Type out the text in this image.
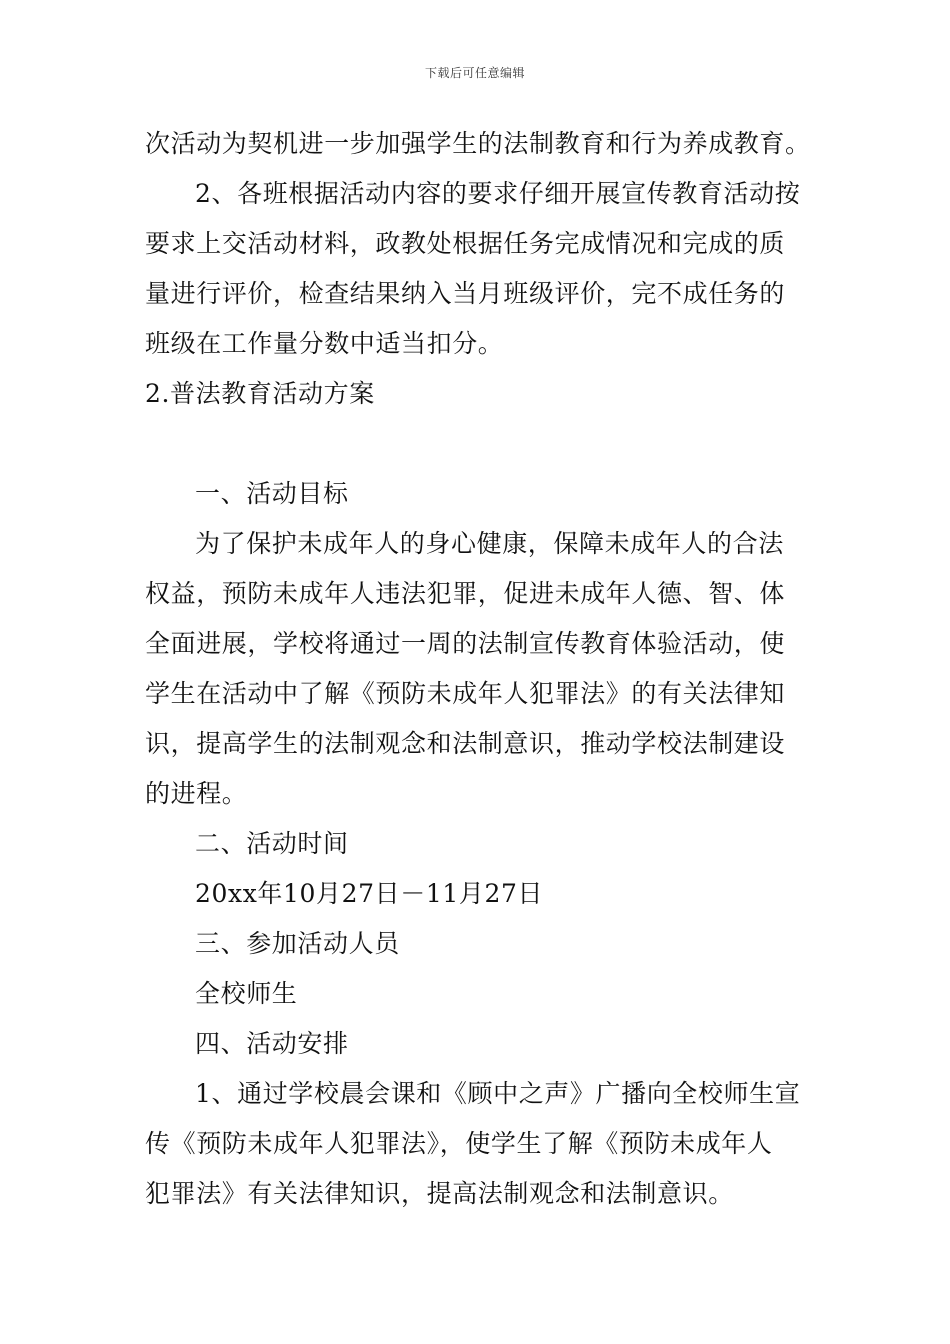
下载后可任意编辑
次活动为契机进一步加强学生的法制教育和行为养成教育。
2、各班根据活动内容的要求仔细开展宣传教育活动按
要求上交活动材料，政教处根据任务完成情况和完成的质
量进行评价，检查结果纳入当月班级评价，完不成任务的
班级在工作量分数中适当扣分。
2.普法教育活动方案
一、活动目标
为了保护未成年人的身心健康，保障未成年人的合法
权益，预防未成年人违法犯罪，促进未成年人德、智、体
全面进展，学校将通过一周的法制宣传教育体验活动，使
学生在活动中了解《预防未成年人犯罪法》的有关法律知
识，提高学生的法制观念和法制意识，推动学校法制建设
的进程。
二、活动时间
20xx年10月27日－11月27日
三、参加活动人员
全校师生
四、活动安排
1、通过学校晨会课和《顾中之声》广播向全校师生宣
传《预防未成年人犯罪法》，使学生了解《预防未成年人
犯罪法》有关法律知识，提高法制观念和法制意识。
